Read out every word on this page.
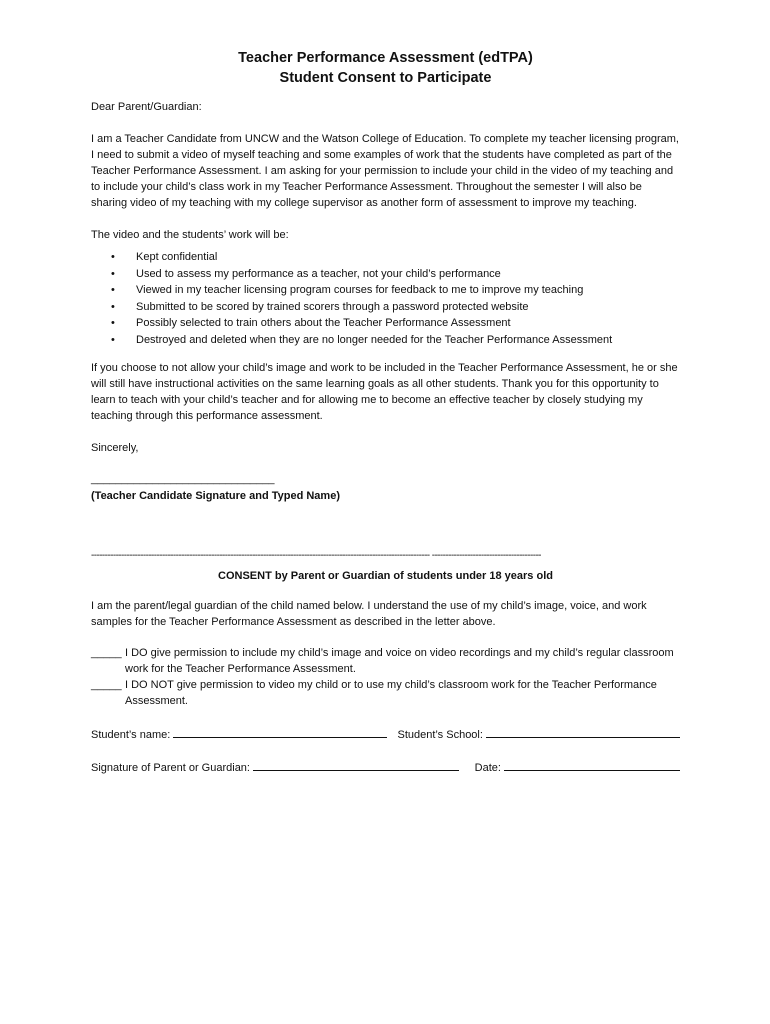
Teacher Performance Assessment (edTPA)
Student Consent to Participate

Dear Parent/Guardian:

I am a Teacher Candidate from UNCW and the Watson College of Education. To complete my teacher licensing program, I need to submit a video of myself teaching and some examples of work that the students have completed as part of the Teacher Performance Assessment. I am asking for your permission to include your child in the video of my teaching and to include your child’s class work in my Teacher Performance Assessment. Throughout the semester I will also be sharing video of my teaching with my college supervisor as another form of assessment to improve my teaching.

The video and the students’ work will be:

• Kept confidential
• Used to assess my performance as a teacher, not your child’s performance
• Viewed in my teacher licensing program courses for feedback to me to improve my teaching
• Submitted to be scored by trained scorers through a password protected website
• Possibly selected to train others about the Teacher Performance Assessment
• Destroyed and deleted when they are no longer needed for the Teacher Performance Assessment

If you choose to not allow your child’s image and work to be included in the Teacher Performance Assessment, he or she will still have instructional activities on the same learning goals as all other students. Thank you for this opportunity to learn to teach with your child’s teacher and for allowing me to become an effective teacher by closely studying my teaching through this performance assessment.

Sincerely,

______________________________

(Teacher Candidate Signature and Typed Name)

---------------------------------------------------------------------------------------------------------------------------- ----------------------------------------

CONSENT by Parent or Guardian of students under 18 years old

I am the parent/legal guardian of the child named below. I understand the use of my child’s image, voice, and work samples for the Teacher Performance Assessment as described in the letter above.

_____ I DO give permission to include my child’s image and voice on video recordings and my child’s regular classroom work for the Teacher Performance Assessment.
_____ I DO NOT give permission to video my child or to use my child’s classroom work for the Teacher Performance Assessment.
Student’s name:	Student’s School:
Signature of Parent or Guardian:	Date:
